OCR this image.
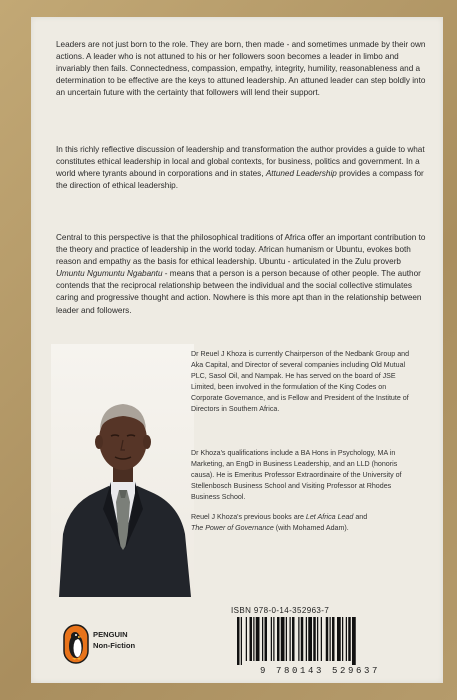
Leaders are not just born to the role. They are born, then made - and sometimes unmade by their own actions. A leader who is not attuned to his or her followers soon becomes a leader in limbo and invariably then fails. Connectedness, compassion, empathy, integrity, humility, reasonableness and a determination to be effective are the keys to attuned leadership. An attuned leader can step boldly into an uncertain future with the certainty that followers will lend their support.

In this richly reflective discussion of leadership and transformation the author provides a guide to what constitutes ethical leadership in local and global contexts, for business, politics and government. In a world where tyrants abound in corporations and in states, Attuned Leadership provides a compass for the direction of ethical leadership.

Central to this perspective is that the philosophical traditions of Africa offer an important contribution to the theory and practice of leadership in the world today. African humanism or Ubuntu, evokes both reason and empathy as the basis for ethical leadership. Ubuntu - articulated in the Zulu proverb Umuntu Ngumuntu Ngabantu - means that a person is a person because of other people. The author contends that the reciprocal relationship between the individual and the social collective stimulates caring and progressive thought and action. Nowhere is this more apt than in the relationship between leader and followers.

Dr Reuel J Khoza is currently Chairperson of the Nedbank Group and Aka Capital, and Director of several companies including Old Mutual PLC, Sasol Oil, and Nampak. He has served on the board of JSE Limited, been involved in the formulation of the King Codes on Corporate Governance, and is Fellow and President of the Institute of Directors in Southern Africa.

Dr Khoza's qualifications include a BA Hons in Psychology, MA in Marketing, an EngD in Business Leadership, and an LLD (honoris causa). He is Emeritus Professor Extraordinaire of the University of Stellenbosch Business School and Visiting Professor at Rhodes Business School.

Reuel J Khoza's previous books are Let Africa Lead and
The Power of Governance (with Mohamed Adam).

PENGUIN
Non-Fiction
ISBN 978-0-14-352963-7
9 780143 529637
